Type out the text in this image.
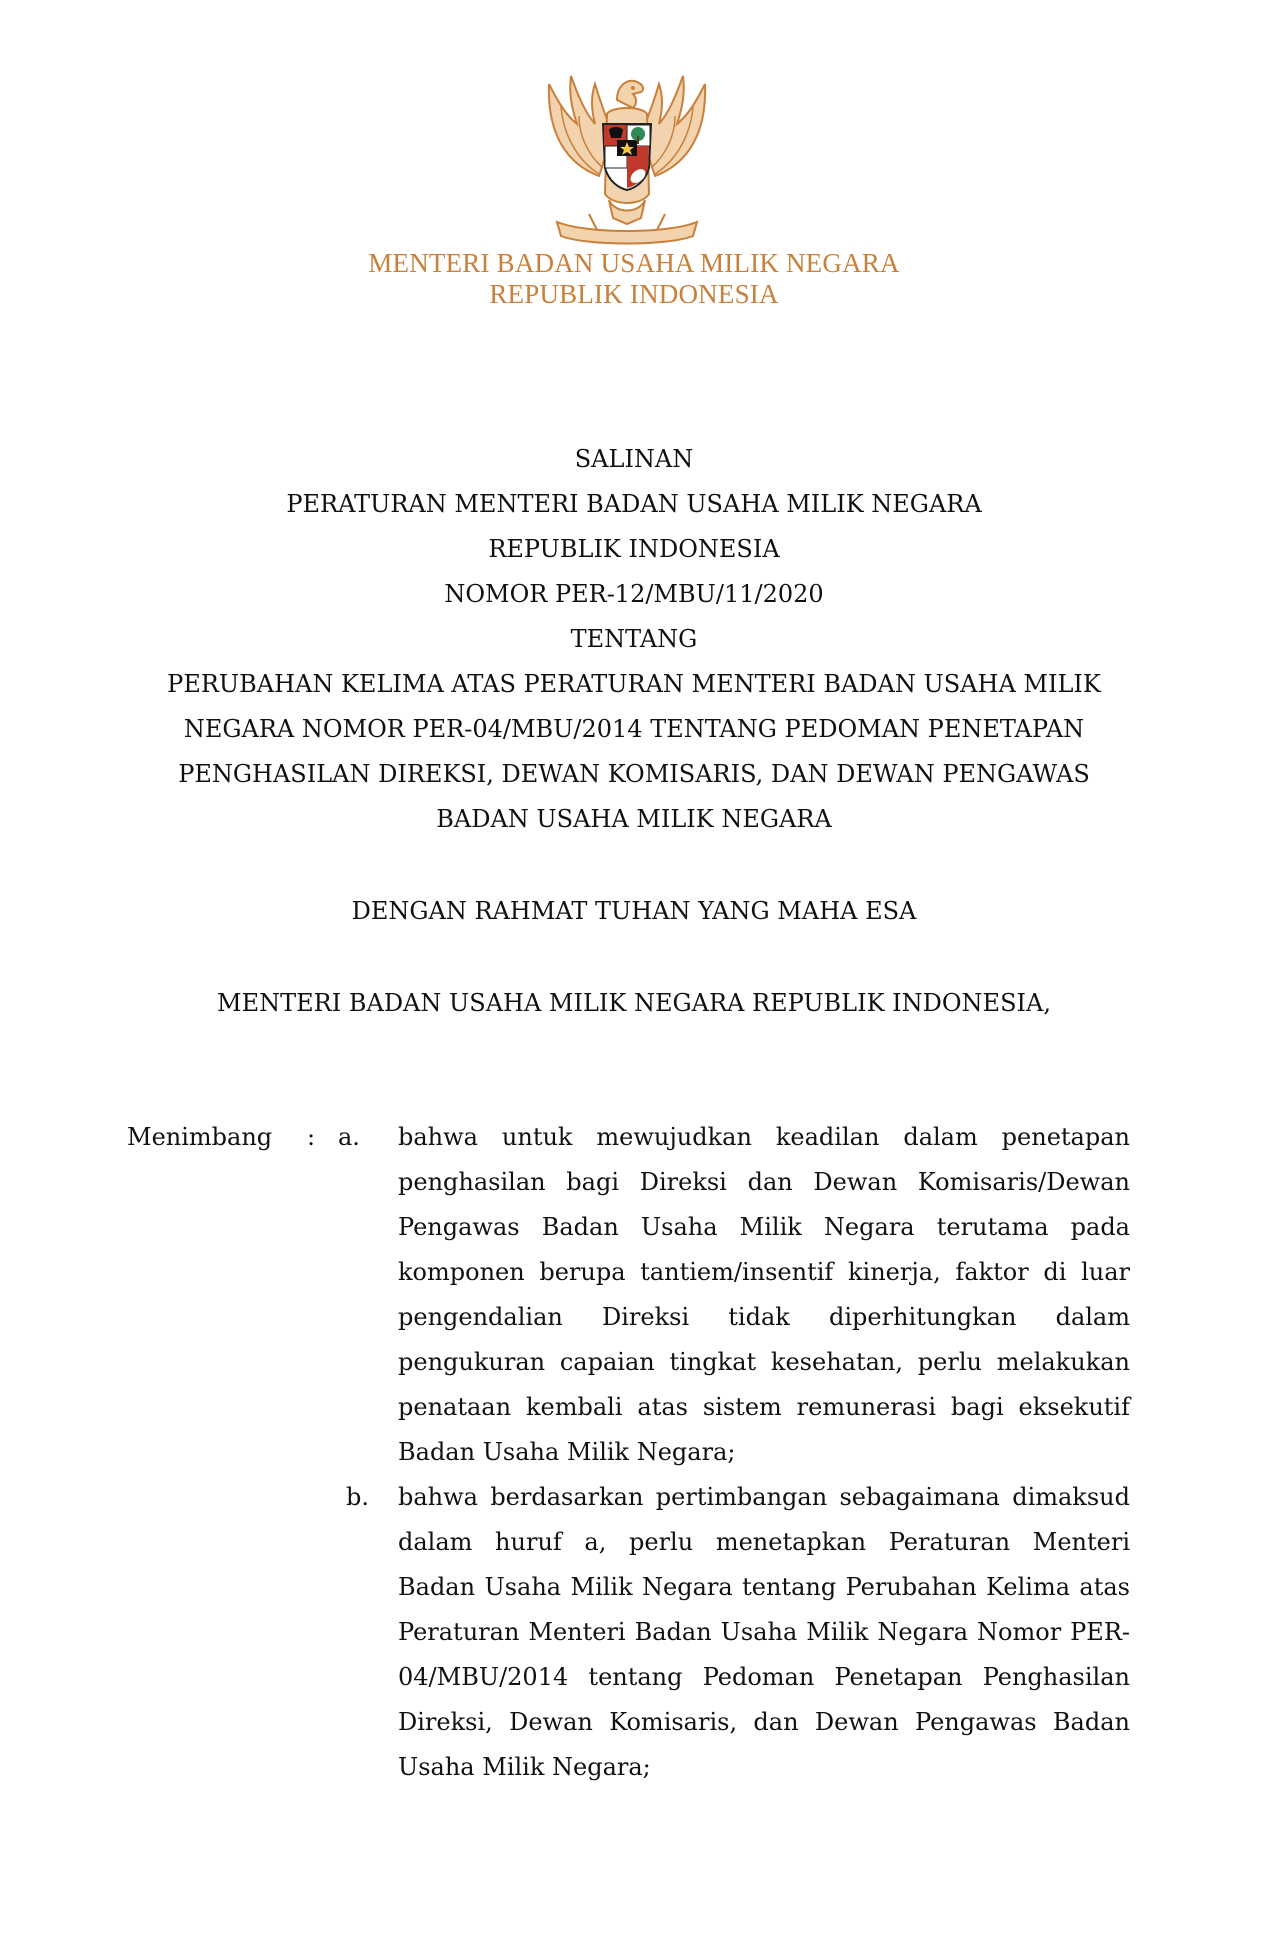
MENTERI BADAN USAHA MILIK NEGARA
REPUBLIK INDONESIA
SALINAN
PERATURAN MENTERI BADAN USAHA MILIK NEGARA
REPUBLIK INDONESIA
NOMOR PER-12/MBU/11/2020
TENTANG
PERUBAHAN KELIMA ATAS PERATURAN MENTERI BADAN USAHA MILIK
NEGARA NOMOR PER-04/MBU/2014 TENTANG PEDOMAN PENETAPAN
PENGHASILAN DIREKSI, DEWAN KOMISARIS, DAN DEWAN PENGAWAS
BADAN USAHA MILIK NEGARA
DENGAN RAHMAT TUHAN YANG MAHA ESA
MENTERI BADAN USAHA MILIK NEGARA REPUBLIK INDONESIA,
Menimbang : a. bahwa untuk mewujudkan keadilan dalam penetapan
penghasilan bagi Direksi dan Dewan Komisaris/Dewan
Pengawas Badan Usaha Milik Negara terutama pada
komponen berupa tantiem/insentif kinerja, faktor di luar
pengendalian Direksi tidak diperhitungkan dalam
pengukuran capaian tingkat kesehatan, perlu melakukan
penataan kembali atas sistem remunerasi bagi eksekutif
Badan Usaha Milik Negara;
b. bahwa berdasarkan pertimbangan sebagaimana dimaksud
dalam huruf a, perlu menetapkan Peraturan Menteri
Badan Usaha Milik Negara tentang Perubahan Kelima atas
Peraturan Menteri Badan Usaha Milik Negara Nomor PER-
04/MBU/2014 tentang Pedoman Penetapan Penghasilan
Direksi, Dewan Komisaris, dan Dewan Pengawas Badan
Usaha Milik Negara;
